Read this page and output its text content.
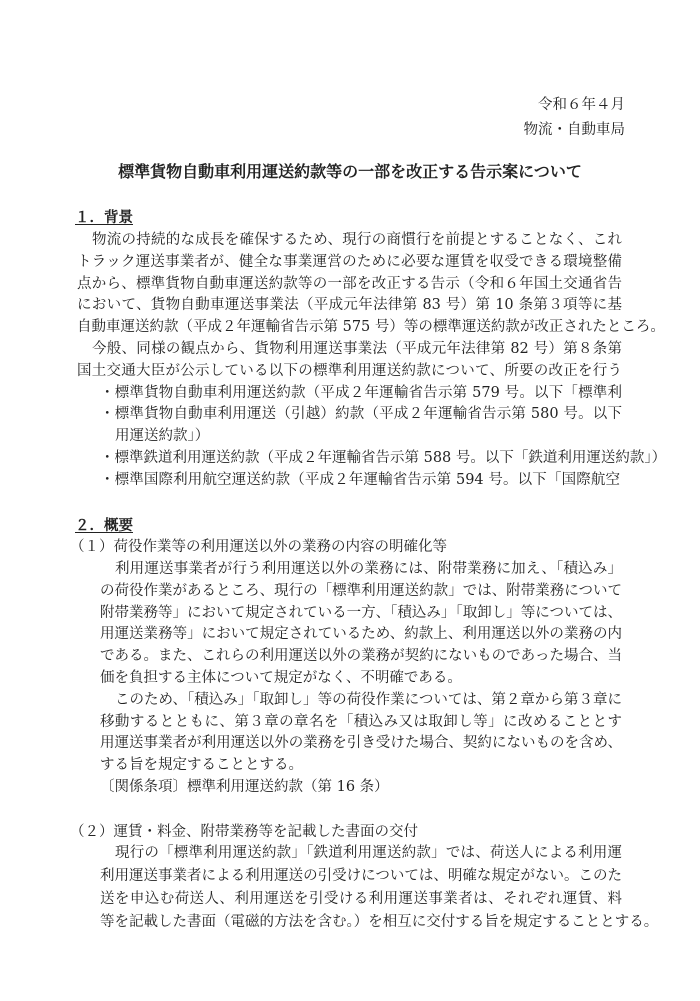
令和６年４月
物流・自動車局
標準貨物自動車利用運送約款等の一部を改正する告示案について
１．背景
物流の持続的な成長を確保するため、現行の商慣行を前提とすることなく、これ
トラック運送事業者が、健全な事業運営のために必要な運賃を収受できる環境整備
点から、標準貨物自動車運送約款等の一部を改正する告示（令和６年国土交通省告
において、貨物自動車運送事業法（平成元年法律第 83 号）第 10 条第３項等に基
自動車運送約款（平成２年運輸省告示第 575 号）等の標準運送約款が改正されたところ。
今般、同様の観点から、貨物利用運送事業法（平成元年法律第 82 号）第８条第
国土交通大臣が公示している以下の標準利用運送約款について、所要の改正を行う
・標準貨物自動車利用運送約款（平成２年運輸省告示第 579 号。以下「標準利
・標準貨物自動車利用運送（引越）約款（平成２年運輸省告示第 580 号。以下
用運送約款」）
・標準鉄道利用運送約款（平成２年運輸省告示第 588 号。以下「鉄道利用運送約款」）
・標準国際利用航空運送約款（平成２年運輸省告示第 594 号。以下「国際航空
２．概要
（１）荷役作業等の利用運送以外の業務の内容の明確化等
利用運送事業者が行う利用運送以外の業務には、附帯業務に加え、「積込み」
の荷役作業があるところ、現行の「標準利用運送約款」では、附帯業務について
附帯業務等」において規定されている一方、「積込み」「取卸し」等については、　
用運送業務等」において規定されているため、約款上、利用運送以外の業務の内
である。また、これらの利用運送以外の業務が契約にないものであった場合、当
価を負担する主体について規定がなく、不明確である。
このため、「積込み」「取卸し」等の荷役作業については、第２章から第３章に
移動するとともに、第３章の章名を「積込み又は取卸し等」に改めることとす
用運送事業者が利用運送以外の業務を引き受けた場合、契約にないものを含め、
する旨を規定することとする。
〔関係条項〕標準利用運送約款（第 16 条）
（２）運賃・料金、附帯業務等を記載した書面の交付
現行の「標準利用運送約款」「鉄道利用運送約款」では、荷送人による利用運
利用運送事業者による利用運送の引受けについては、明確な規定がない。このた
送を申込む荷送人、利用運送を引受ける利用運送事業者は、それぞれ運賃、料
等を記載した書面（電磁的方法を含む。）を相互に交付する旨を規定することとする。
